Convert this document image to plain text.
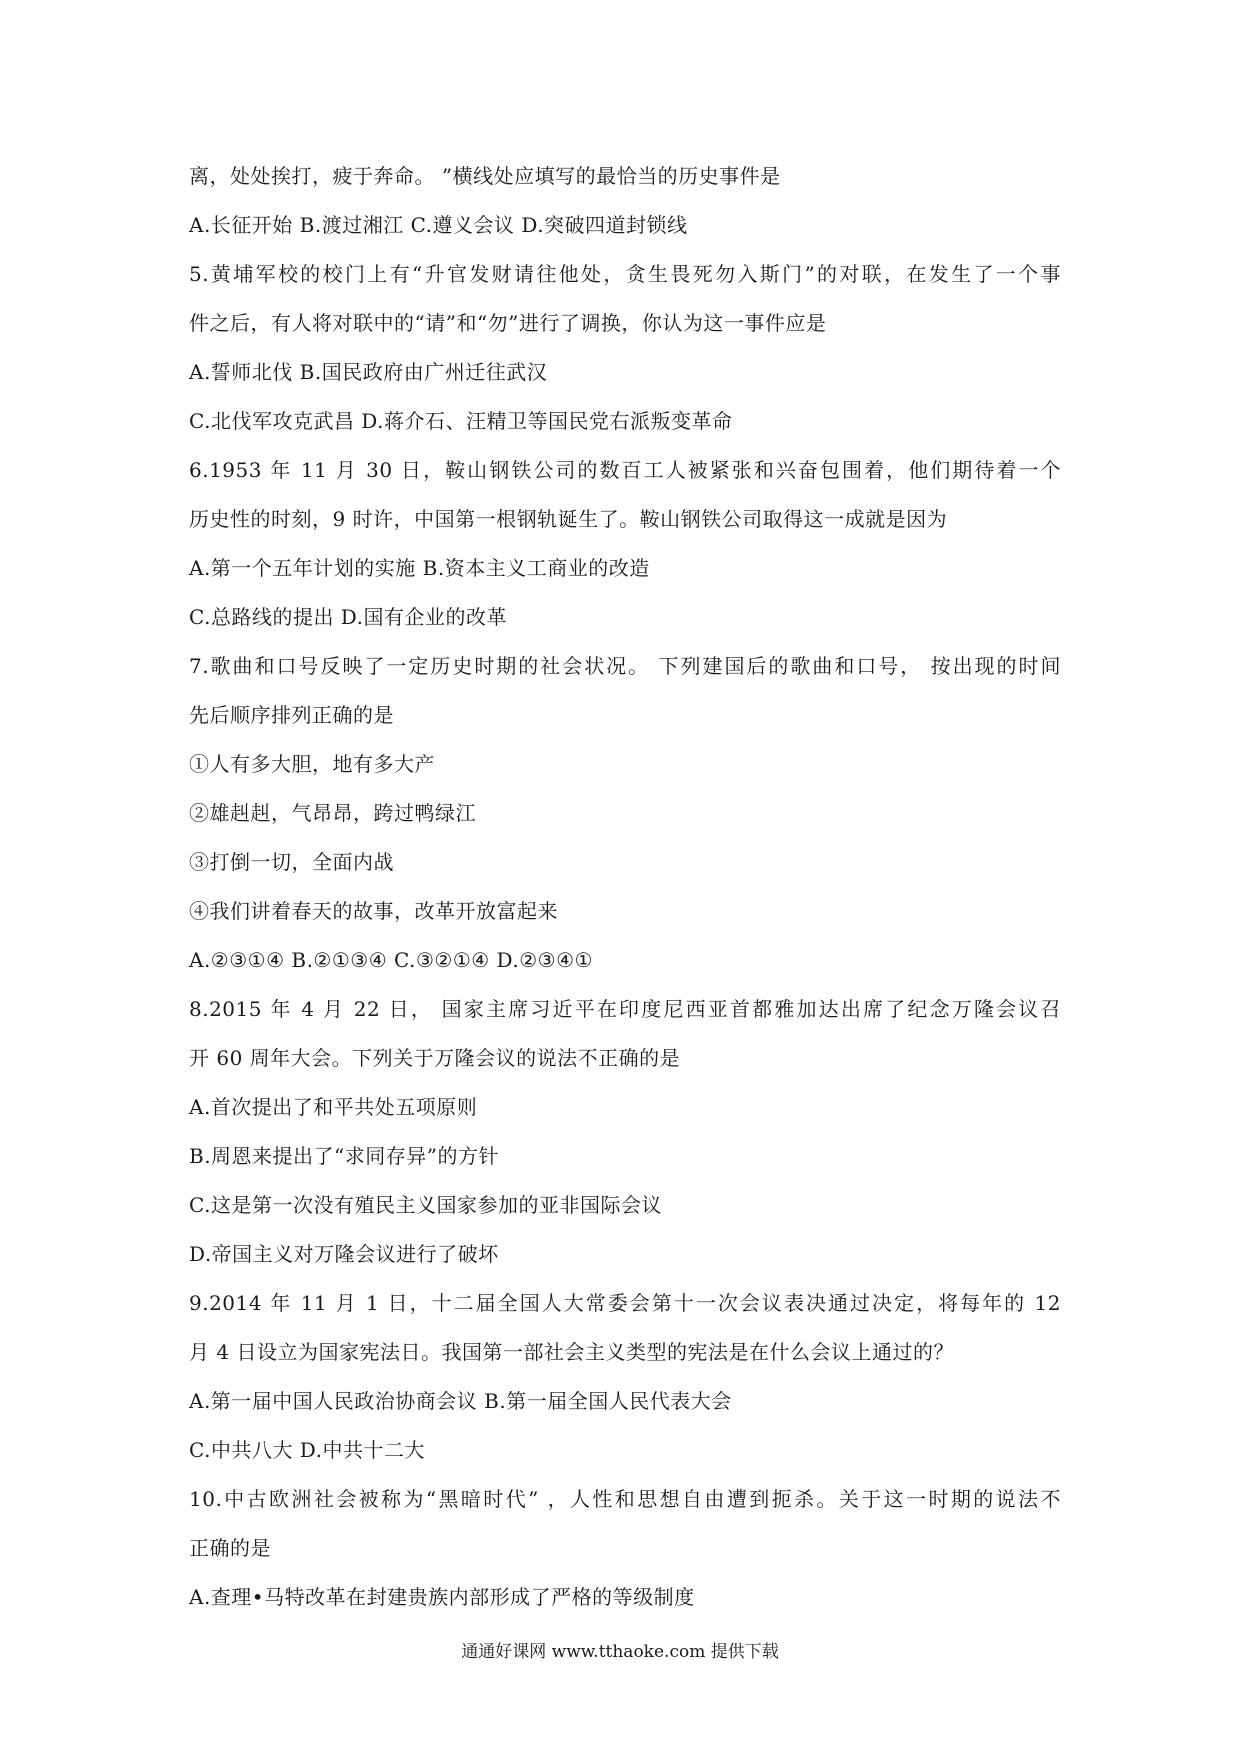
离，处处挨打，疲于奔命。 ”横线处应填写的最恰当的历史事件是
A.长征开始 B.渡过湘江 C.遵义会议 D.突破四道封锁线
5.黄埔军校的校门上有“升官发财请往他处，贪生畏死勿入斯门”的对联，在发生了一个事
件之后，有人将对联中的“请”和“勿”进行了调换，你认为这一事件应是
A.誓师北伐 B.国民政府由广州迁往武汉
C.北伐军攻克武昌 D.蒋介石、汪精卫等国民党右派叛变革命
6.1953 年 11 月 30 日，鞍山钢铁公司的数百工人被紧张和兴奋包围着，他们期待着一个
历史性的时刻，9 时许，中国第一根钢轨诞生了。鞍山钢铁公司取得这一成就是因为
A.第一个五年计划的实施 B.资本主义工商业的改造
C.总路线的提出 D.国有企业的改革
7.歌曲和口号反映了一定历史时期的社会状况。 下列建国后的歌曲和口号， 按出现的时间
先后顺序排列正确的是
①人有多大胆，地有多大产
②雄赳赳，气昂昂，跨过鸭绿江
③打倒一切，全面内战
④我们讲着春天的故事，改革开放富起来
A.②③①④ B.②①③④ C.③②①④ D.②③④①
8.2015 年 4 月 22 日， 国家主席习近平在印度尼西亚首都雅加达出席了纪念万隆会议召
开 60 周年大会。下列关于万隆会议的说法不正确的是
A.首次提出了和平共处五项原则
B.周恩来提出了“求同存异”的方针
C.这是第一次没有殖民主义国家参加的亚非国际会议
D.帝国主义对万隆会议进行了破坏
9.2014 年 11 月 1 日，十二届全国人大常委会第十一次会议表决通过决定，将每年的 12
月 4 日设立为国家宪法日。我国第一部社会主义类型的宪法是在什么会议上通过的？
A.第一届中国人民政治协商会议 B.第一届全国人民代表大会
C.中共八大 D.中共十二大
10.中古欧洲社会被称为“黑暗时代” ，人性和思想自由遭到扼杀。关于这一时期的说法不
正确的是
A.查理•马特改革在封建贵族内部形成了严格的等级制度
通通好课网 www.tthaoke.com 提供下载
